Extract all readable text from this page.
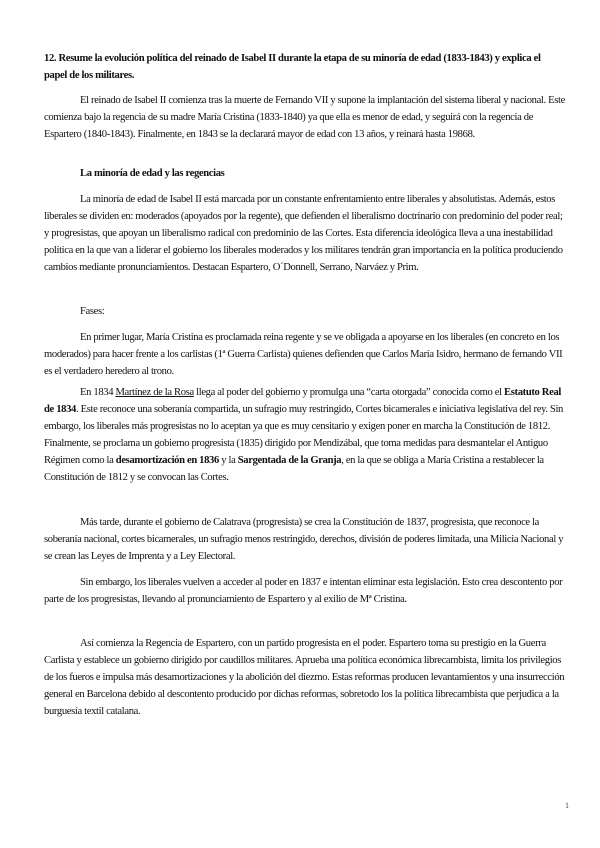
12. Resume la evolución política del reinado de Isabel II durante la etapa de su minoría de edad (1833-1843) y explica el papel de los militares.

El reinado de Isabel II comienza tras la muerte de Fernando VII y supone la implantación del sistema liberal y nacional. Este comienza bajo la regencia de su madre María Cristina (1833-1840) ya que ella es menor de edad, y seguirá con la regencia de Espartero (1840-1843). Finalmente, en 1843 se la declarará mayor de edad con 13 años, y reinará hasta 19868.

La minoría de edad y las regencias

La minoría de edad de Isabel II está marcada por un constante enfrentamiento entre liberales y absolutistas. Además, estos liberales se dividen en: moderados (apoyados por la regente), que defienden el liberalismo doctrinario con predominio del poder real; y progresistas, que apoyan un liberalismo radical con predominio de las Cortes. Esta diferencia ideológica lleva a una inestabilidad política en la que van a liderar el gobierno los liberales moderados y los militares tendrán gran importancia en la política produciendo cambios mediante pronunciamientos. Destacan Espartero, O´Donnell, Serrano, Narváez y Prim.

Fases:

En primer lugar, María Cristina es proclamada reina regente y se ve obligada a apoyarse en los liberales (en concreto en los moderados) para hacer frente a los carlistas (1ª Guerra Carlista) quienes defienden que Carlos María Isidro, hermano de fernando VII es el verdadero heredero al trono.

En 1834 Martínez de la Rosa llega al poder del gobierno y promulga una “carta otorgada” conocida como el Estatuto Real de 1834. Este reconoce una soberanía compartida, un sufragio muy restringido, Cortes bicamerales e iniciativa legislativa del rey. Sin embargo, los liberales más progresistas no lo aceptan ya que es muy censitario y exigen poner en marcha la Constitución de 1812. Finalmente, se proclama un gobierno progresista (1835) dirigido por Mendizábal, que toma medidas para desmantelar el Antiguo Régimen como la desamortización en 1836 y la Sargentada de la Granja, en la que se obliga a María Cristina a restablecer la Constitución de 1812 y se convocan las Cortes.

Más tarde, durante el gobierno de Calatrava (progresista) se crea la Constitución de 1837, progresista, que reconoce la soberanía nacional, cortes bicamerales, un sufragio menos restringido, derechos, división de poderes limitada, una Milicia Nacional y se crean las Leyes de Imprenta y a Ley Electoral.

Sin embargo, los liberales vuelven a acceder al poder en 1837 e intentan eliminar esta legislación. Esto crea descontento por parte de los progresistas, llevando al pronunciamiento de Espartero y al exilio de Mª Cristina.

Así comienza la Regencia de Espartero, con un partido progresista en el poder. Espartero toma su prestigio en la Guerra Carlista y establece un gobierno dirigido por caudillos militares. Aprueba una política económica librecambista, limita los privilegios de los fueros e impulsa más desamortizaciones y la abolición del diezmo. Estas reformas producen levantamientos y una insurrección general en Barcelona debido al descontento producido por dichas reformas, sobretodo los la política librecambista que perjudica a la burguesía textil catalana.

1
